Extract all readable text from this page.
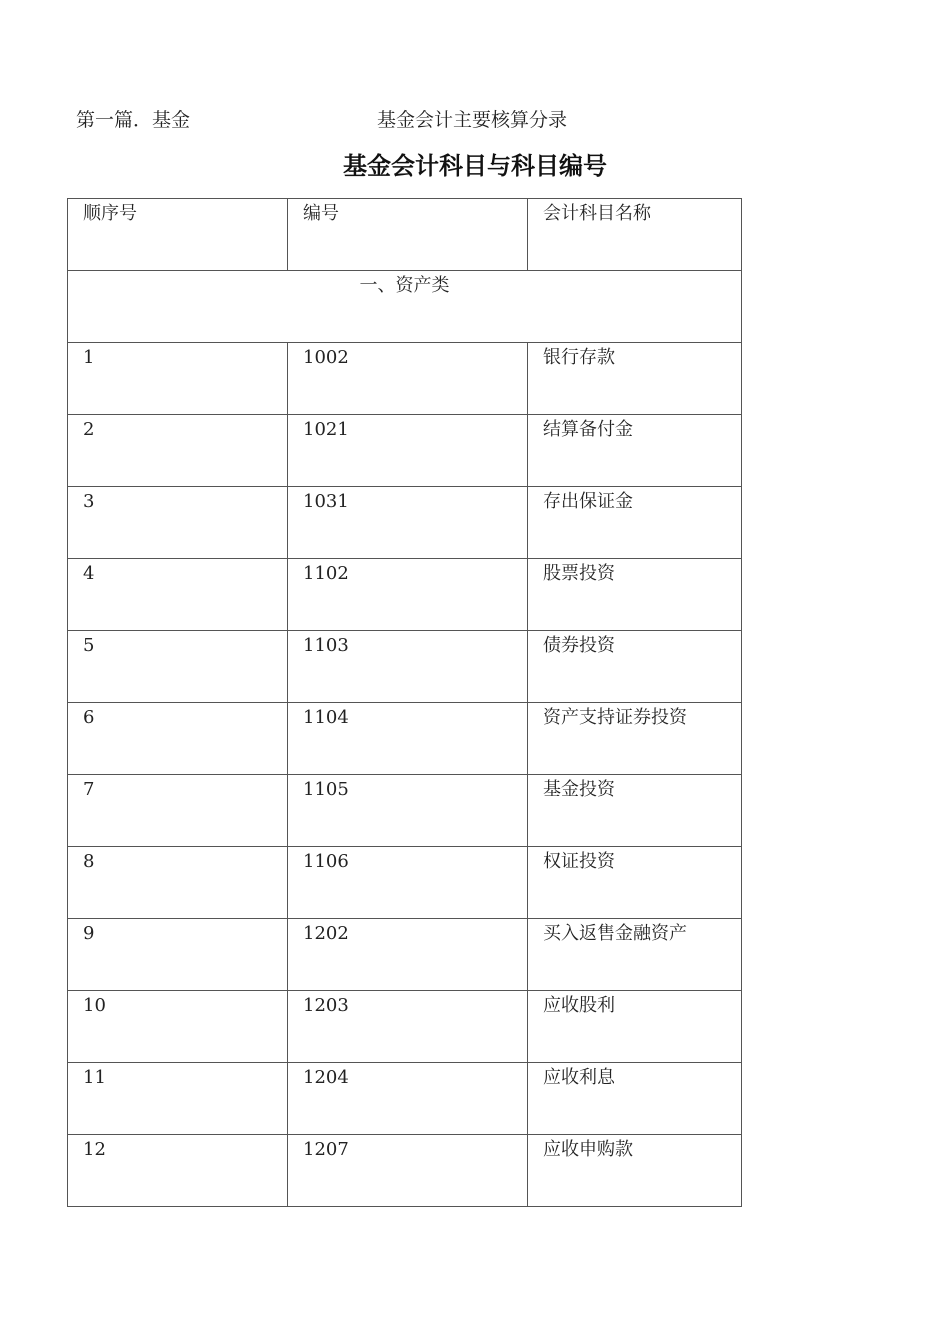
第一篇．基金	基金会计主要核算分录
基金会计科目与科目编号
顺序号	编号	会计科目名称
一、资产类		
1	1002	银行存款
2	1021	结算备付金
3	1031	存出保证金
4	1102	股票投资
5	1103	债券投资
6	1104	资产支持证券投资
7	1105	基金投资
8	1106	权证投资
9	1202	买入返售金融资产
10	1203	应收股利
11	1204	应收利息
12	1207	应收申购款
